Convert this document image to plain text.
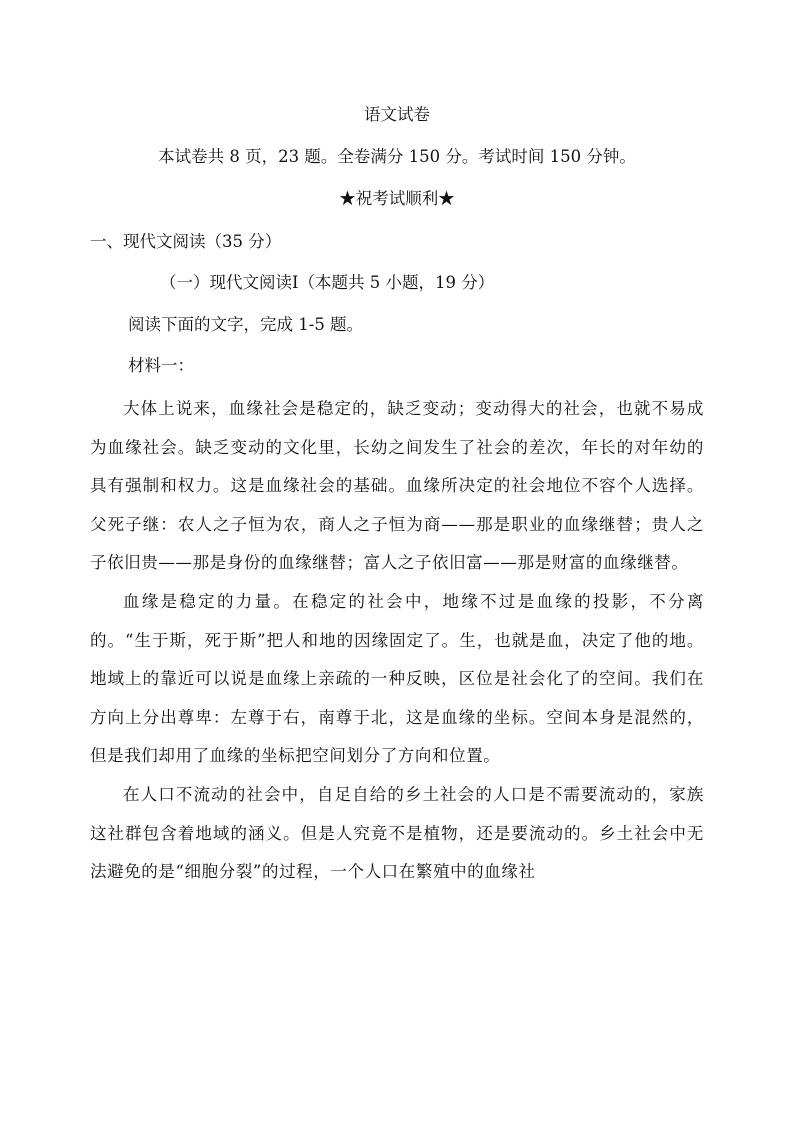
语文试卷
本试卷共 8 页，23 题。全卷满分 150 分。考试时间 150 分钟。
★祝考试顺利★
一、现代文阅读（35 分）
（一）现代文阅读Ⅰ（本题共 5 小题，19 分）
阅读下面的文字，完成 1-5 题。
材料一：

大体上说来，血缘社会是稳定的，缺乏变动；变动得大的社会，也就不易成为血缘社会。缺乏变动的文化里，长幼之间发生了社会的差次，年长的对年幼的具有强制和权力。这是血缘社会的基础。血缘所决定的社会地位不容个人选择。父死子继：农人之子恒为农，商人之子恒为商——那是职业的血缘继替；贵人之子依旧贵——那是身份的血缘继替；富人之子依旧富——那是财富的血缘继替。

血缘是稳定的力量。在稳定的社会中，地缘不过是血缘的投影，不分离的。“生于斯，死于斯”把人和地的因缘固定了。生，也就是血，决定了他的地。地域上的靠近可以说是血缘上亲疏的一种反映，区位是社会化了的空间。我们在方向上分出尊卑：左尊于右，南尊于北，这是血缘的坐标。空间本身是混然的，但是我们却用了血缘的坐标把空间划分了方向和位置。

在人口不流动的社会中，自足自给的乡土社会的人口是不需要流动的，家族这社群包含着地域的涵义。但是人究竟不是植物，还是要流动的。乡土社会中无法避免的是“细胞分裂”的过程，一个人口在繁殖中的血缘社
